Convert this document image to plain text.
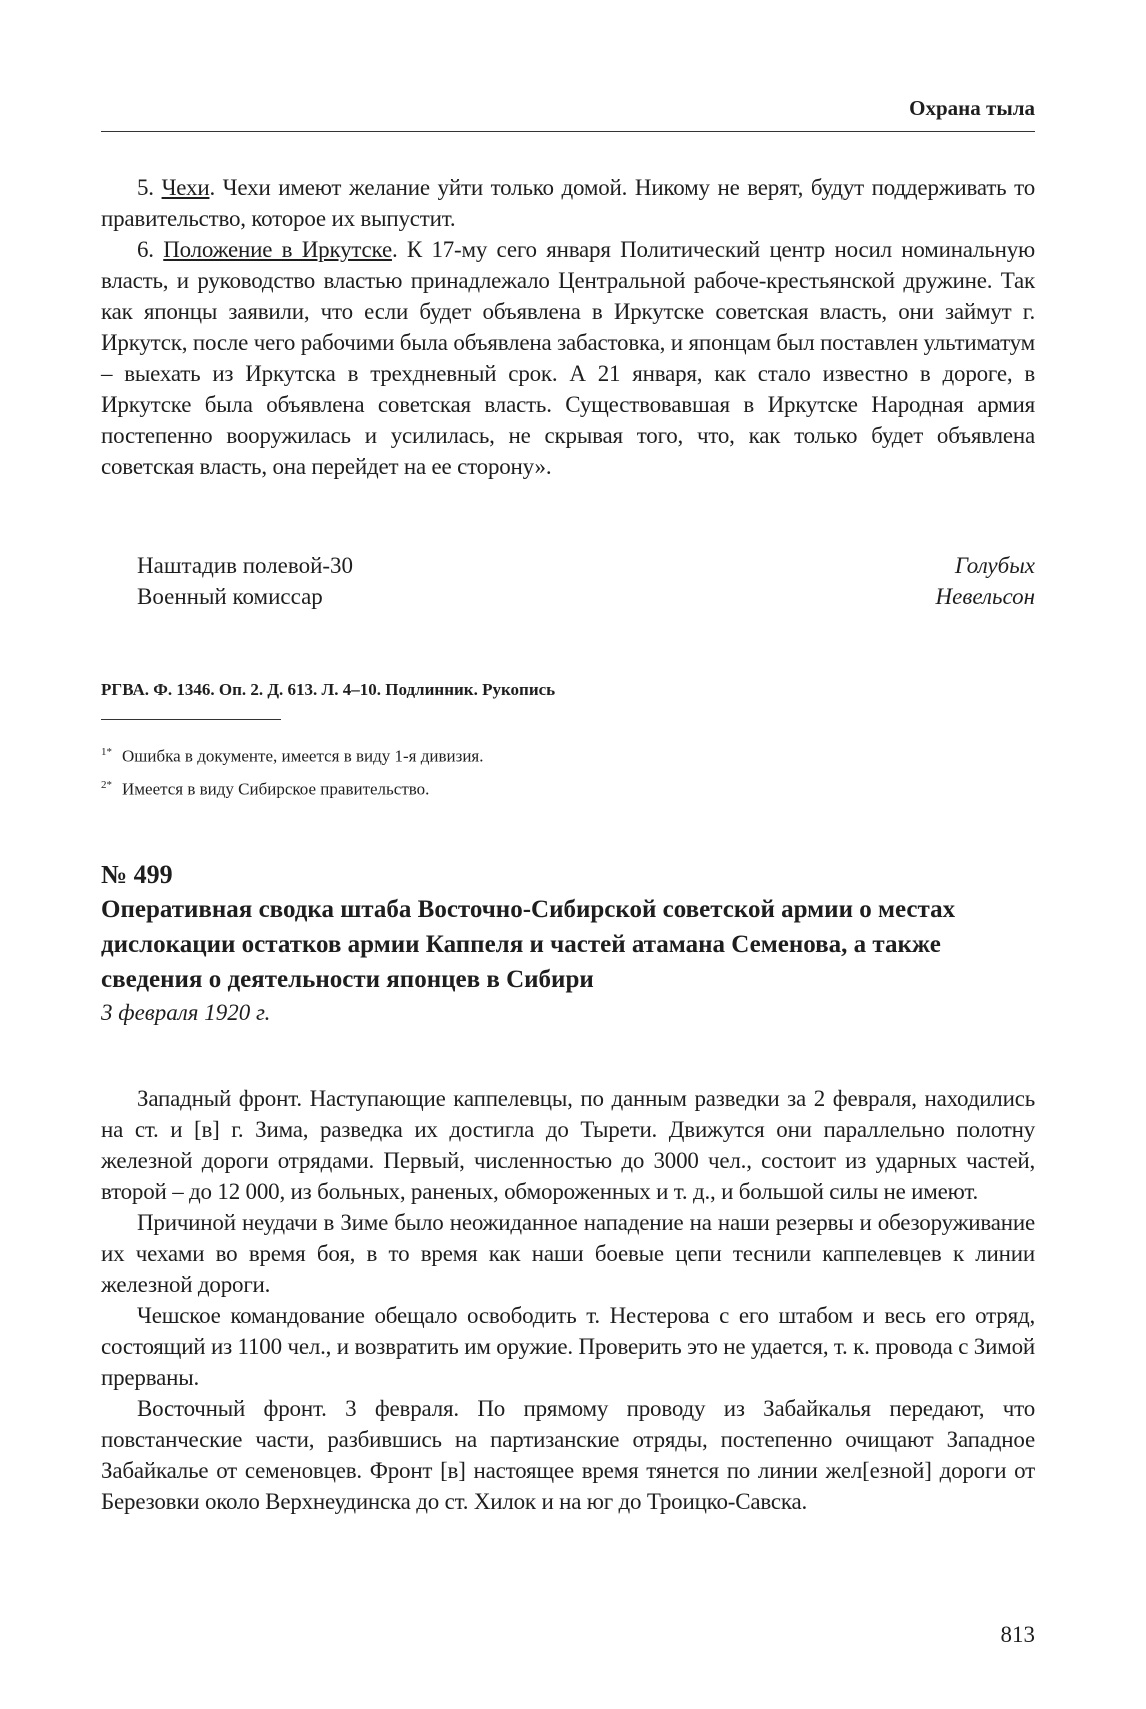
Охрана тыла

5. Чехи. Чехи имеют желание уйти только домой. Никому не верят, будут поддерживать то правительство, которое их выпустит.

6. Положение в Иркутске. К 17-му сего января Политический центр носил номинальную власть, и руководство властью принадлежало Центральной рабоче-крестьянской дружине. Так как японцы заявили, что если будет объявлена в Иркутске советская власть, они займут г. Иркутск, после чего рабочими была объявлена забастовка, и японцам был поставлен ультиматум – выехать из Иркутска в трехдневный срок. А 21 января, как стало известно в дороге, в Иркутске была объявлена советская власть. Существовавшая в Иркутске Народная армия постепенно вооружилась и усилилась, не скрывая того, что, как только будет объявлена советская власть, она перейдет на ее сторону».

Наштадив полевой-30	Голубых
Военный комиссар	Невельсон
РГВА. Ф. 1346. Оп. 2. Д. 613. Л. 4–10. Подлинник. Рукопись
$^{1*}$ Ошибка в документе, имеется в виду 1-я дивизия.
$^{2*}$ Имеется в виду Сибирское правительство.
№ 499
Оперативная сводка штаба Восточно-Сибирской советской армии о местах дислокации остатков армии Каппеля и частей атамана Семенова, а также сведения о деятельности японцев в Сибири
3 февраля 1920 г.

Западный фронт. Наступающие каппелевцы, по данным разведки за 2 февраля, находились на ст. и [в] г. Зима, разведка их достигла до Тырети. Движутся они параллельно полотну железной дороги отрядами. Первый, численностью до 3000 чел., состоит из ударных частей, второй – до 12 000, из больных, раненых, обмороженных и т. д., и большой силы не имеют.

Причиной неудачи в Зиме было неожиданное нападение на наши резервы и обезоруживание их чехами во время боя, в то время как наши боевые цепи теснили каппелевцев к линии железной дороги.

Чешское командование обещало освободить т. Нестерова с его штабом и весь его отряд, состоящий из 1100 чел., и возвратить им оружие. Проверить это не удается, т. к. провода с Зимой прерваны.

Восточный фронт. 3 февраля. По прямому проводу из Забайкалья передают, что повстанческие части, разбившись на партизанские отряды, постепенно очищают Западное Забайкалье от семеновцев. Фронт [в] настоящее время тянется по линии жел[езной] дороги от Березовки около Верхнеудинска до ст. Хилок и на юг до Троицко-Савска.

813
